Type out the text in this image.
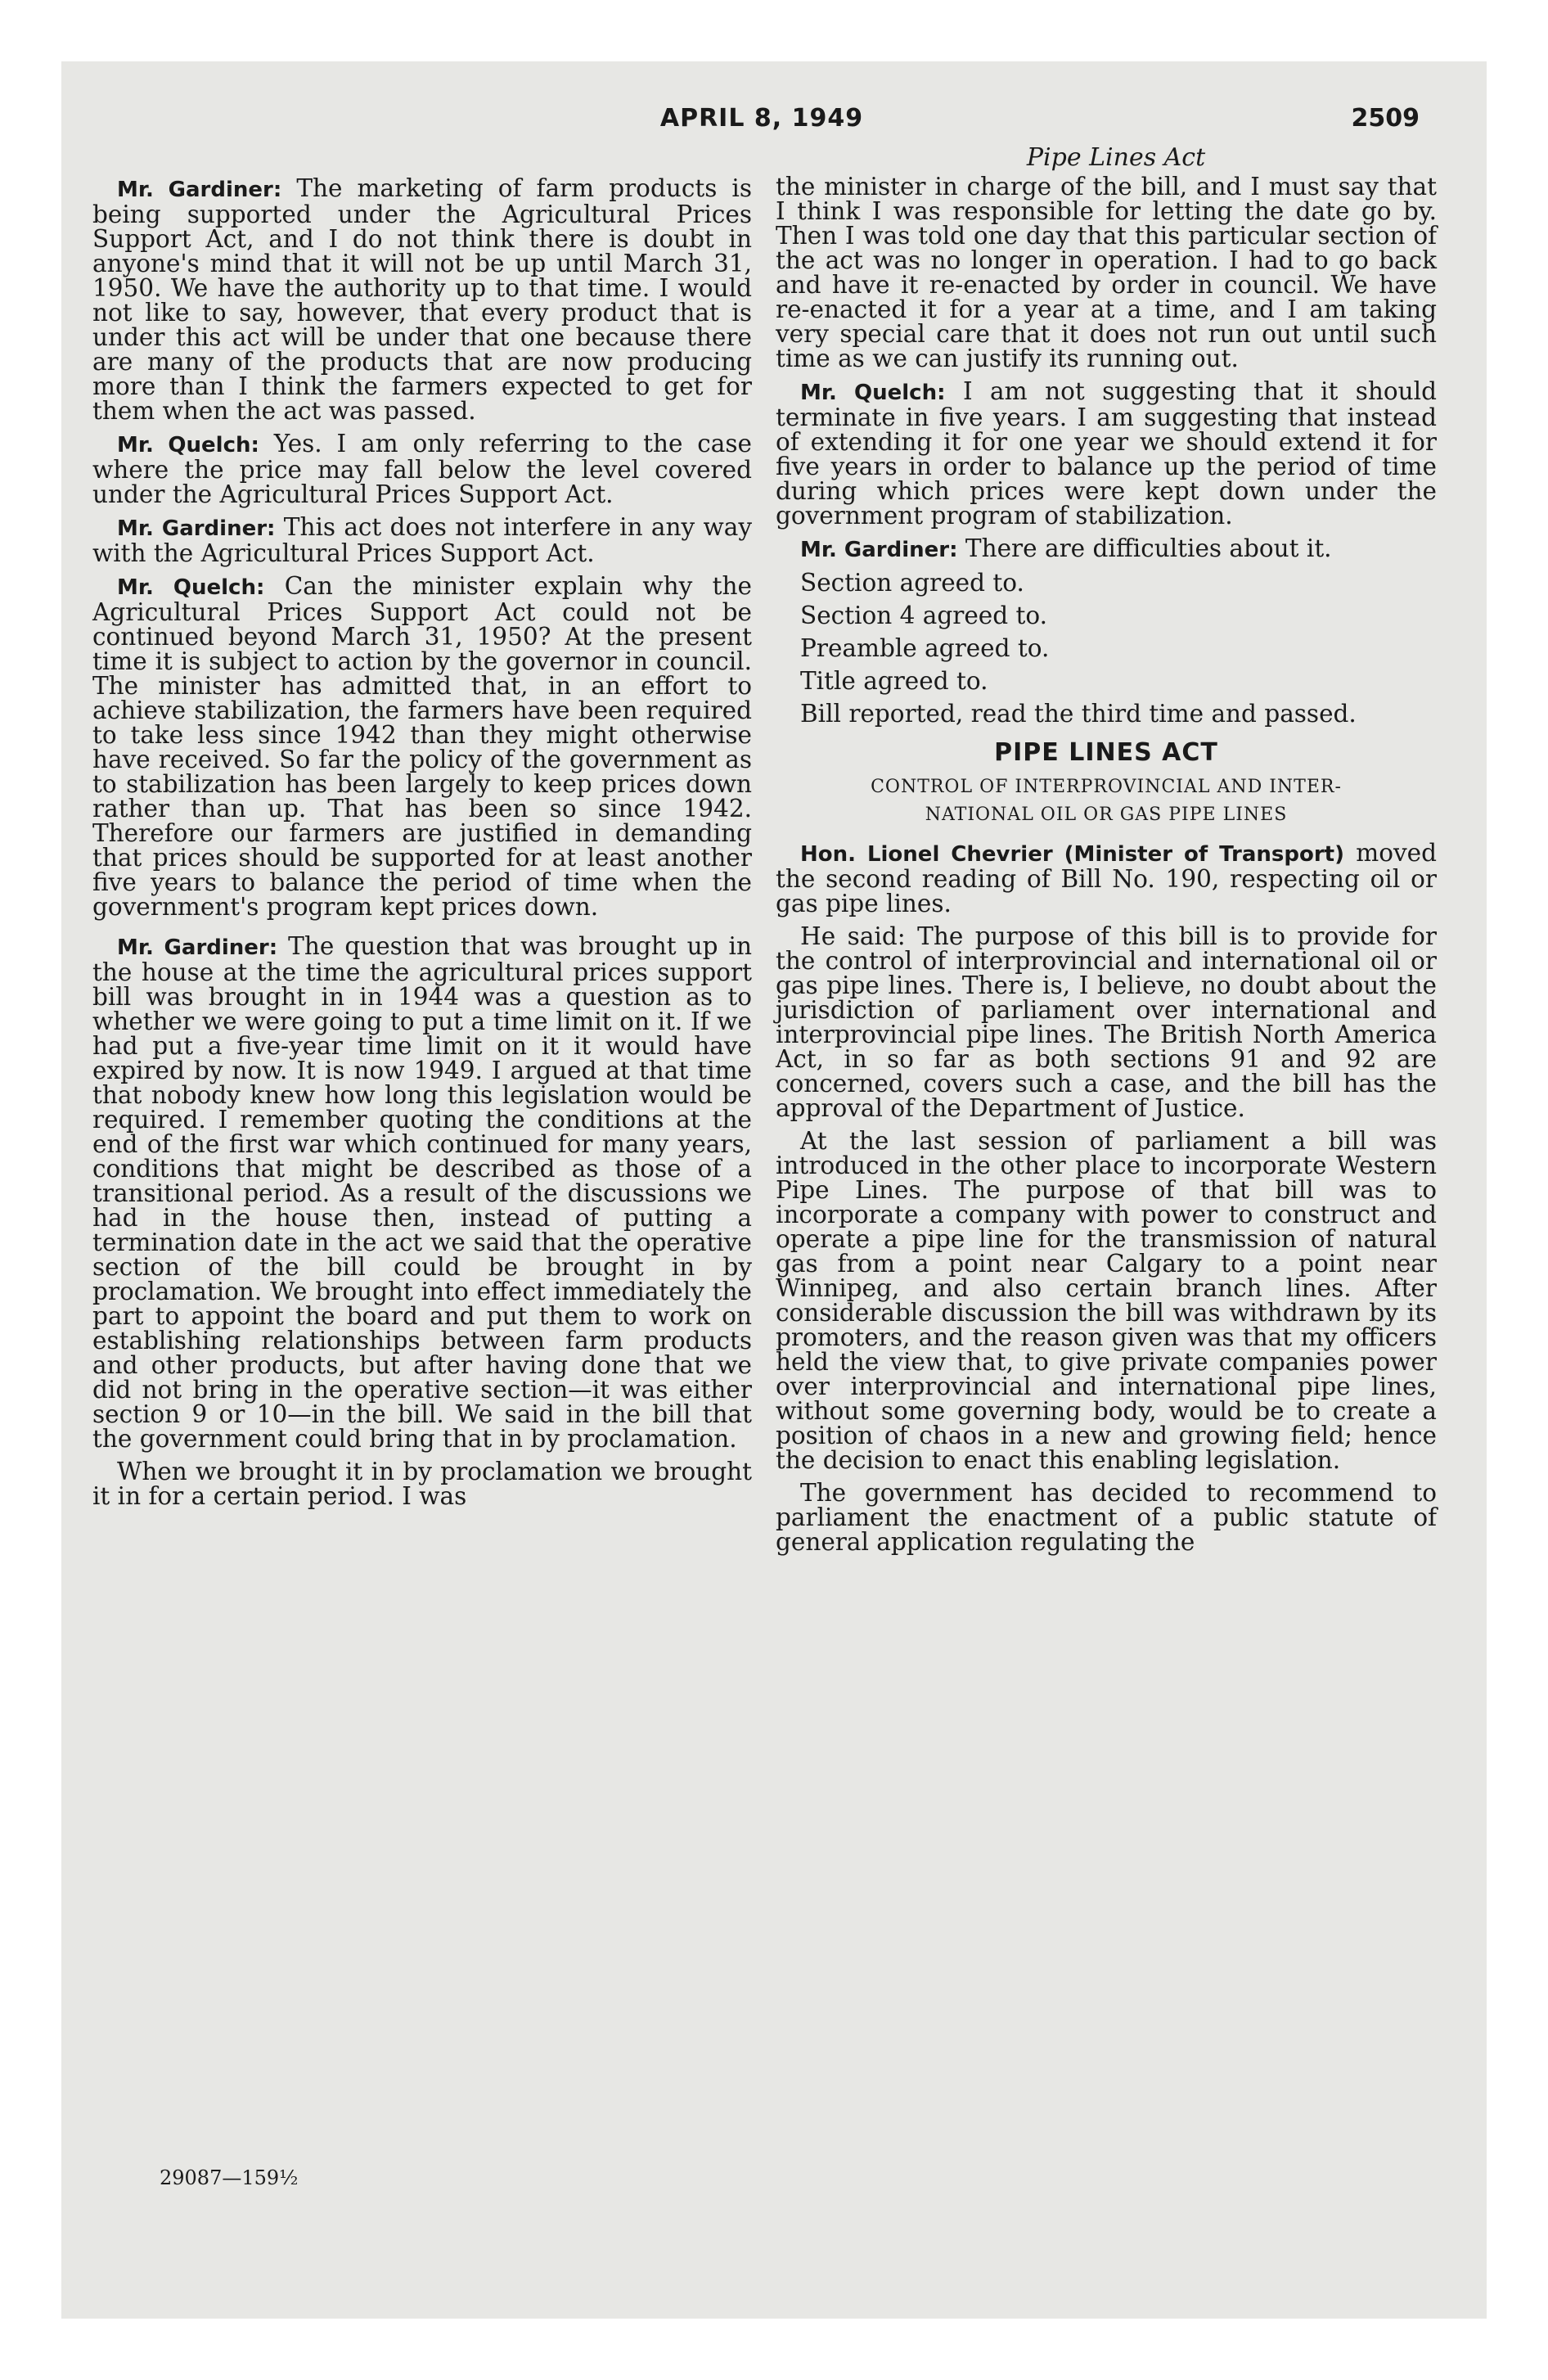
APRIL 8, 1949	2509
Pipe Lines Act

Mr. Gardiner: The marketing of farm products is being supported under the Agricultural Prices Support Act, and I do not think there is doubt in anyone's mind that it will not be up until March 31, 1950. We have the authority up to that time. I would not like to say, however, that every product that is under this act will be under that one because there are many of the products that are now producing more than I think the farmers expected to get for them when the act was passed.

Mr. Quelch: Yes. I am only referring to the case where the price may fall below the level covered under the Agricultural Prices Support Act.

Mr. Gardiner: This act does not interfere in any way with the Agricultural Prices Support Act.

Mr. Quelch: Can the minister explain why the Agricultural Prices Support Act could not be continued beyond March 31, 1950? At the present time it is subject to action by the governor in council. The minister has admitted that, in an effort to achieve stabilization, the farmers have been required to take less since 1942 than they might otherwise have received. So far the policy of the government as to stabilization has been largely to keep prices down rather than up. That has been so since 1942. Therefore our farmers are justified in demanding that prices should be supported for at least another five years to balance the period of time when the government's program kept prices down.

Mr. Gardiner: The question that was brought up in the house at the time the agricultural prices support bill was brought in in 1944 was a question as to whether we were going to put a time limit on it. If we had put a five-year time limit on it it would have expired by now. It is now 1949. I argued at that time that nobody knew how long this legislation would be required. I remember quoting the conditions at the end of the first war which continued for many years, conditions that might be described as those of a transitional period. As a result of the discussions we had in the house then, instead of putting a termination date in the act we said that the operative section of the bill could be brought in by proclamation. We brought into effect immediately the part to appoint the board and put them to work on establishing relationships between farm products and other products, but after having done that we did not bring in the operative section—it was either section 9 or 10—in the bill. We said in the bill that the government could bring that in by proclamation.

When we brought it in by proclamation we brought it in for a certain period. I was

the minister in charge of the bill, and I must say that I think I was responsible for letting the date go by. Then I was told one day that this particular section of the act was no longer in operation. I had to go back and have it re-enacted by order in council. We have re-enacted it for a year at a time, and I am taking very special care that it does not run out until such time as we can justify its running out.

Mr. Quelch: I am not suggesting that it should terminate in five years. I am suggesting that instead of extending it for one year we should extend it for five years in order to balance up the period of time during which prices were kept down under the government program of stabilization.

Mr. Gardiner: There are difficulties about it.

Section agreed to.

Section 4 agreed to.

Preamble agreed to.

Title agreed to.

Bill reported, read the third time and passed.

PIPE LINES ACT
CONTROL OF INTERPROVINCIAL AND INTER-
NATIONAL OIL OR GAS PIPE LINES

Hon. Lionel Chevrier (Minister of Transport) moved the second reading of Bill No. 190, respecting oil or gas pipe lines.

He said: The purpose of this bill is to provide for the control of interprovincial and international oil or gas pipe lines. There is, I believe, no doubt about the jurisdiction of parliament over international and interprovincial pipe lines. The British North America Act, in so far as both sections 91 and 92 are concerned, covers such a case, and the bill has the approval of the Department of Justice.

At the last session of parliament a bill was introduced in the other place to incorporate Western Pipe Lines. The purpose of that bill was to incorporate a company with power to construct and operate a pipe line for the transmission of natural gas from a point near Calgary to a point near Winnipeg, and also certain branch lines. After considerable discussion the bill was withdrawn by its promoters, and the reason given was that my officers held the view that, to give private companies power over interprovincial and international pipe lines, without some governing body, would be to create a position of chaos in a new and growing field; hence the decision to enact this enabling legislation.

The government has decided to recommend to parliament the enactment of a public statute of general application regulating the

29087—159½
